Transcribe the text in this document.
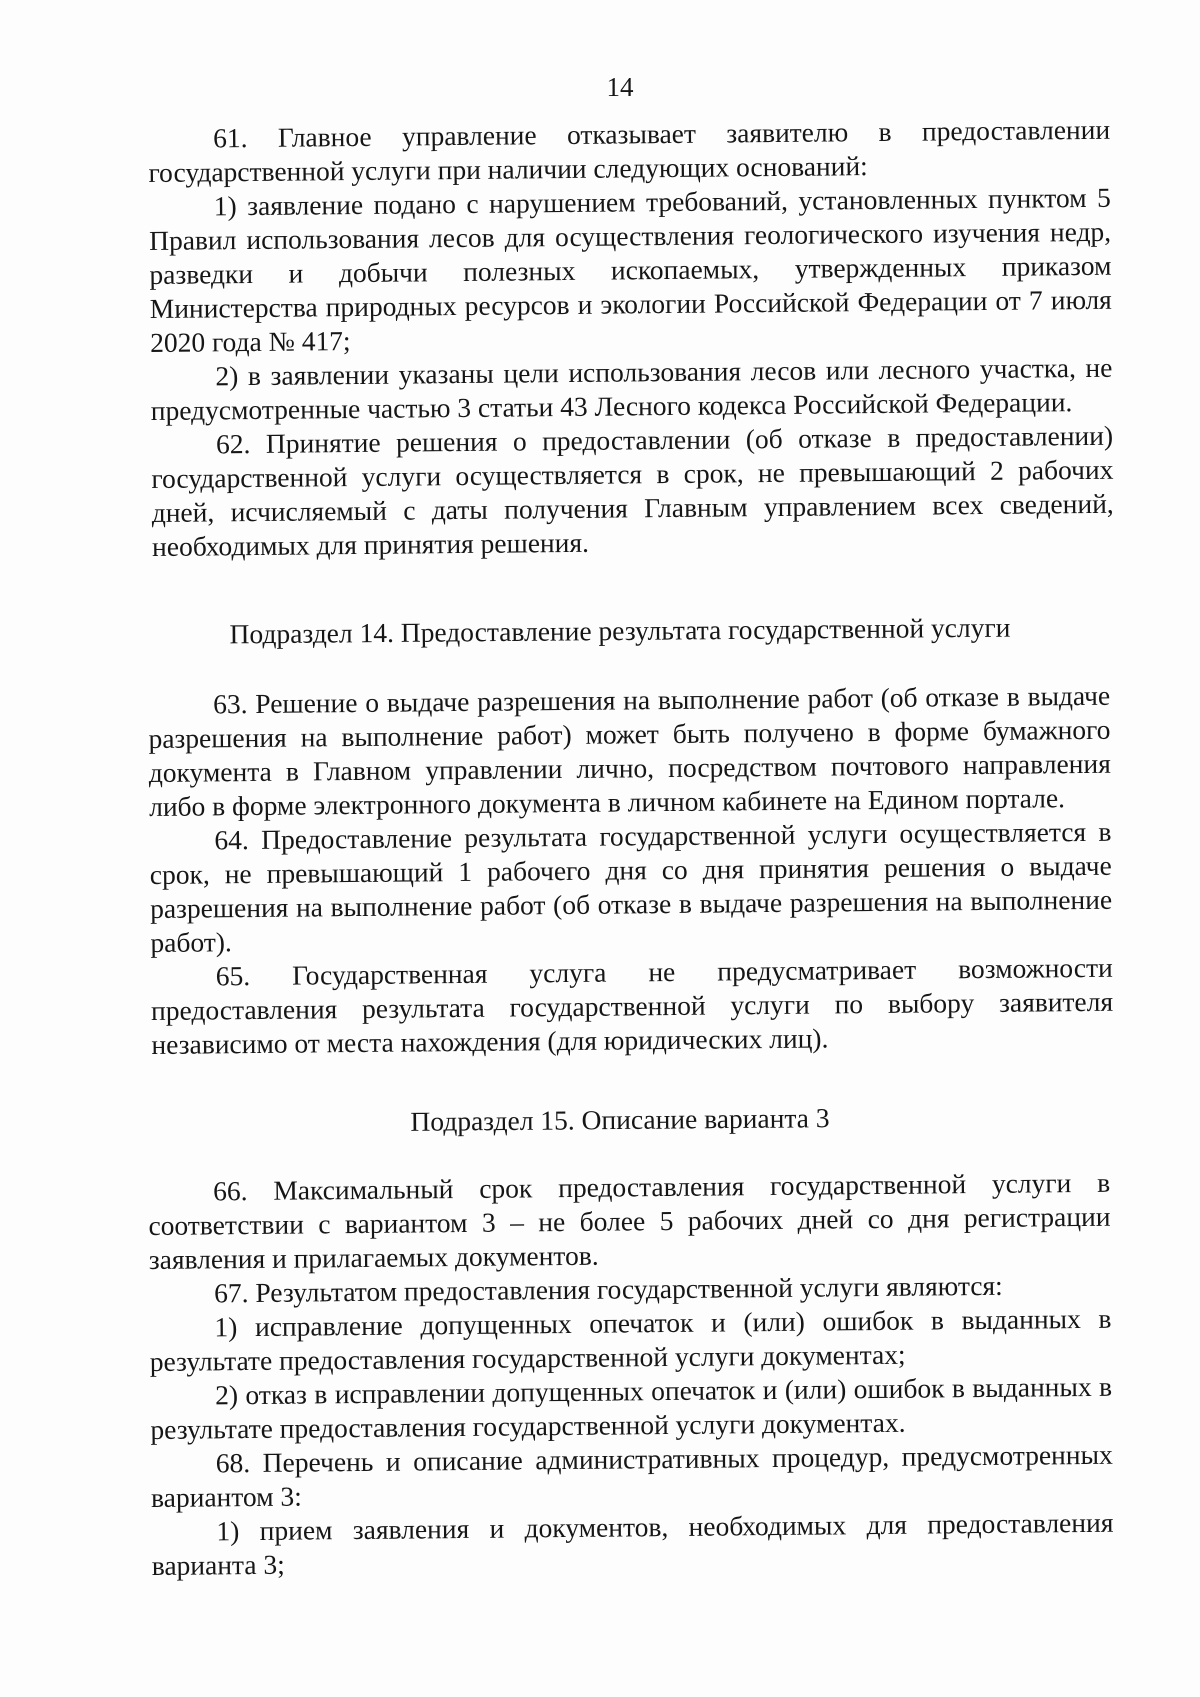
14

61. Главное управление отказывает заявителю в предоставлении государственной услуги при наличии следующих оснований:

1) заявление подано с нарушением требований, установленных пунктом 5 Правил использования лесов для осуществления геологического изучения недр, разведки и добычи полезных ископаемых, утвержденных приказом Министерства природных ресурсов и экологии Российской Федерации от 7 июля 2020 года № 417;

2) в заявлении указаны цели использования лесов или лесного участка, не предусмотренные частью 3 статьи 43 Лесного кодекса Российской Федерации.

62. Принятие решения о предоставлении (об отказе в предоставлении) государственной услуги осуществляется в срок, не превышающий 2 рабочих дней, исчисляемый с даты получения Главным управлением всех сведений, необходимых для принятия решения.

Подраздел 14. Предоставление результата государственной услуги

63. Решение о выдаче разрешения на выполнение работ (об отказе в выдаче разрешения на выполнение работ) может быть получено в форме бумажного документа в Главном управлении лично, посредством почтового направления либо в форме электронного документа в личном кабинете на Едином портале.

64. Предоставление результата государственной услуги осуществляется в срок, не превышающий 1 рабочего дня со дня принятия решения о выдаче разрешения на выполнение работ (об отказе в выдаче разрешения на выполнение работ).

65. Государственная услуга не предусматривает возможности предоставления результата государственной услуги по выбору заявителя независимо от места нахождения (для юридических лиц).

Подраздел 15. Описание варианта 3

66. Максимальный срок предоставления государственной услуги в соответствии с вариантом 3 – не более 5 рабочих дней со дня регистрации заявления и прилагаемых документов.

67. Результатом предоставления государственной услуги являются:

1) исправление допущенных опечаток и (или) ошибок в выданных в результате предоставления государственной услуги документах;

2) отказ в исправлении допущенных опечаток и (или) ошибок в выданных в результате предоставления государственной услуги документах.

68. Перечень и описание административных процедур, предусмотренных вариантом 3:

1) прием заявления и документов, необходимых для предоставления варианта 3;
